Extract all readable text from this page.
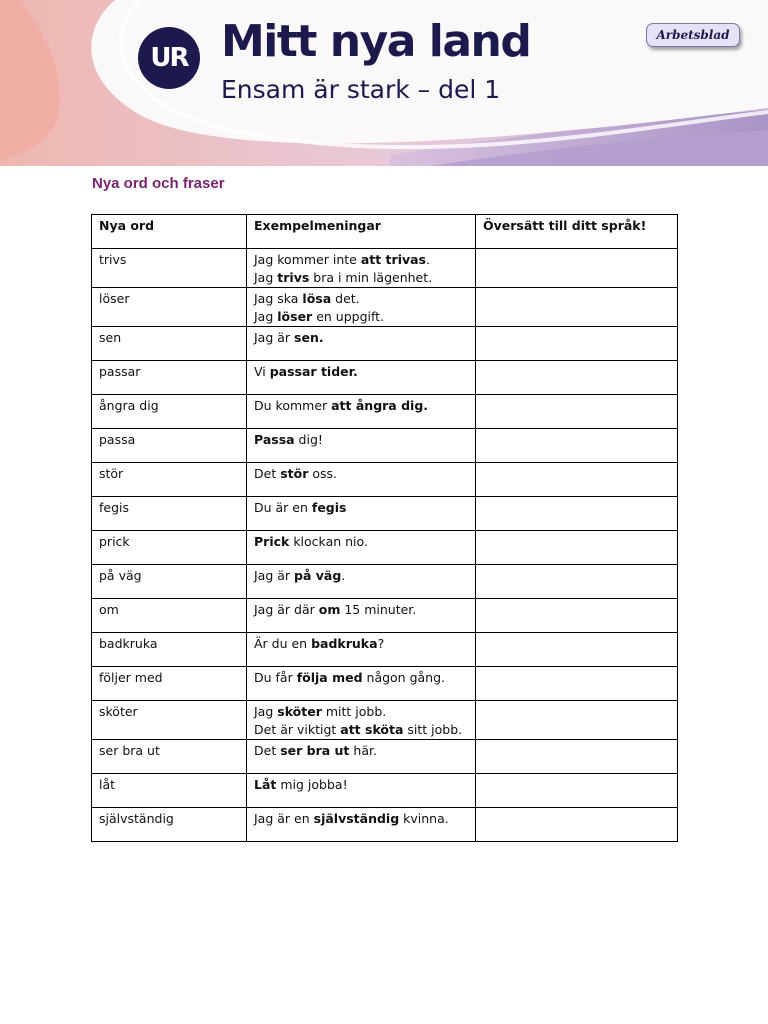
UR Mitt nya land
Ensam är stark – del 1
Arbetsblad
Nya ord och fraser
Nya ord	Exempelmeningar	Översätt till ditt språk!
trivs	Jag kommer inte att trivas.
Jag trivs bra i min lägenhet.	

löser	Jag ska lösa det.
Jag löser en uppgift.	

sen	Jag är sen.	

passar	Vi passar tider.	

ångra dig	Du kommer att ångra dig.	

passa	Passa dig!	

stör	Det stör oss.	

fegis	Du är en fegis	

prick	Prick klockan nio.	

på väg	Jag är på väg.	

om	Jag är där om 15 minuter.	

badkruka	Är du en badkruka?	

följer med	Du får följa med någon gång.	

sköter	Jag sköter mitt jobb.
Det är viktigt att sköta sitt jobb.	

ser bra ut	Det ser bra ut här.	

låt	Låt mig jobba!	

självständig	Jag är en självständig kvinna.	
